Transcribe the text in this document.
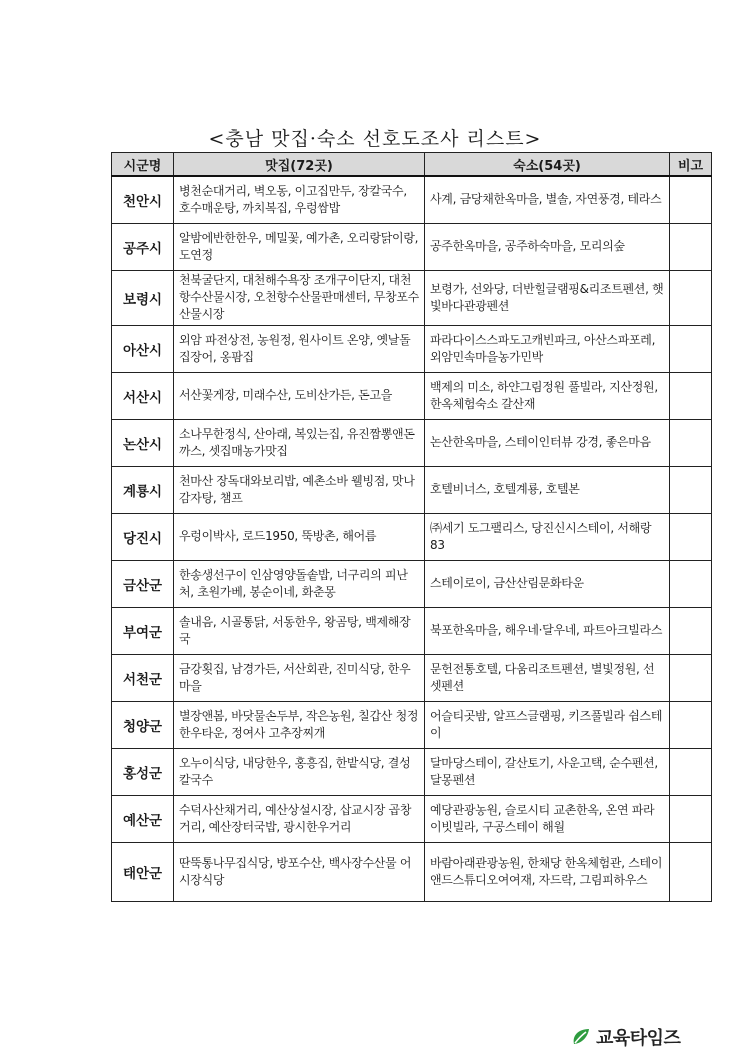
<충남 맛집·숙소 선호도조사 리스트>
시군명	맛집(72곳)	숙소(54곳)	비고
천안시	병천순대거리, 벽오동, 이고집만두, 장칼국수, 호수매운탕, 까치복집, 우렁쌈밥	사계, 금당채한옥마을, 별솔, 자연풍경, 테라스	
공주시	알밤에반한한우, 메밀꽃, 예가촌, 오리랑닭이랑, 도연정	공주한옥마을, 공주하숙마을, 모리의숲	
보령시	천북굴단지, 대천해수욕장 조개구이단지, 대천항수산물시장, 오천항수산물판매센터, 무창포수산물시장	보령가, 선와당, 더반힐글램핑&리조트펜션, 햇빛바다관광펜션	
아산시	외암 파전상전, 농원정, 원사이트 온양, 옛날돌집장어, 옹팜집	파라다이스스파도고캐빈파크, 아산스파포레, 외암민속마을농가민박	
서산시	서산꽃게장, 미래수산, 도비산가든, 돈고을	백제의 미소, 하얀그림정원 풀빌라, 지산정원, 한옥체험숙소 갈산재	
논산시	소나무한정식, 산아래, 복있는집, 유진짬뽕앤돈까스, 셋집매농가맛집	논산한옥마을, 스테이인터뷰 강경, 좋은마음	
계룡시	천마산 장독대와보리밥, 예촌소바 웰빙점, 맛나감자탕, 챔프	호텔비너스, 호텔계룡, 호텔본	
당진시	우렁이박사, 로드1950, 뚝방촌, 해어름	㈜세기 도그팰리스, 당진신시스테이, 서해랑83	
금산군	한송생선구이 인삼영양돌솥밥, 너구리의 피난처, 초원가베, 봉순이네, 화춘몽	스테이로이, 금산산림문화타운	
부여군	솔내음, 시골통닭, 서동한우, 왕곰탕, 백제해장국	북포한옥마을, 해우네·달우네, 파트아크빌라스	
서천군	금강횟집, 남경가든, 서산회관, 진미식당, 한우마을	문헌전통호텔, 다움리조트펜션, 별빛정원, 선셋펜션	
청양군	별장앤봄, 바닷물손두부, 작은농원, 칠갑산 청정한우타운, 정여사 고추장찌개	어슬티곳밤, 알프스글램핑, 키즈풀빌라 쉼스테이	
홍성군	오누이식당, 내당한우, 홍흥집, 한밭식당, 결성칼국수	달마당스테이, 갈산토기, 사운고택, 순수펜션, 달몽펜션	
예산군	수덕사산채거리, 예산상설시장, 삽교시장 곱창거리, 예산장터국밥, 광시한우거리	예당관광농원, 슬로시티 교촌한옥, 온연 파라이빗빌라, 구공스테이 해월	
태안군	딴뚝통나무집식당, 방포수산, 백사장수산물 어시장식당	바람아래관광농원, 한채당 한옥체험관, 스테이앤드스튜디오여여재, 자드락, 그림피하우스	
교육타임즈
